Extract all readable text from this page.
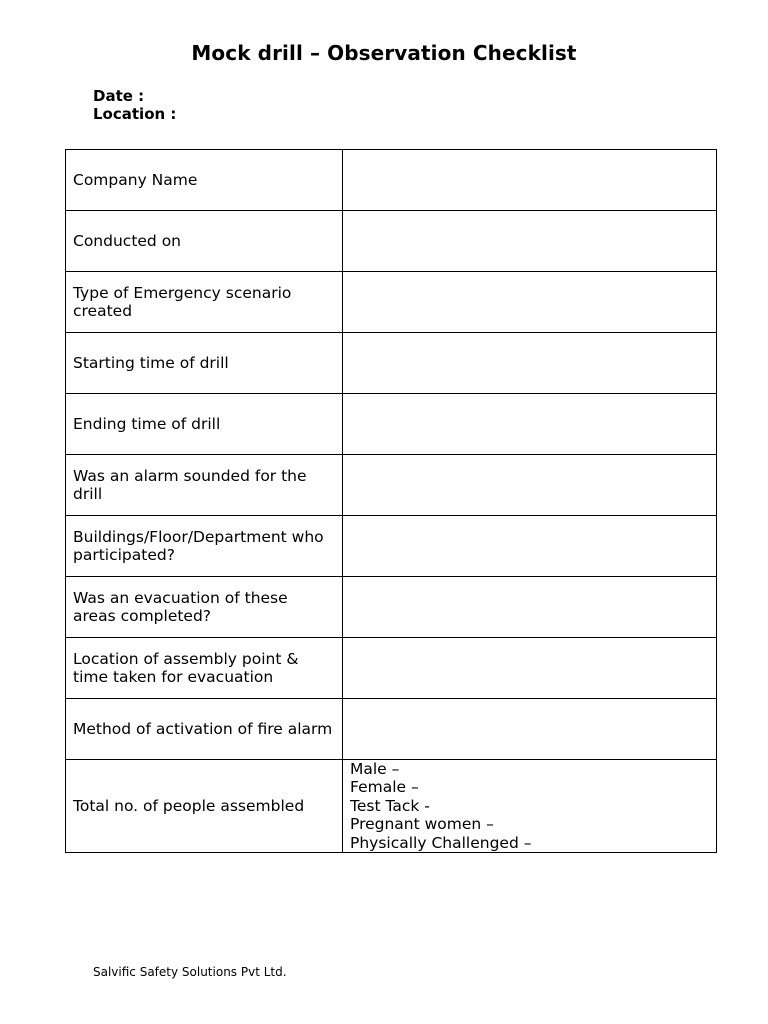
Mock drill – Observation Checklist
Date :
Location :
Company Name	
Conducted on	
Type of Emergency scenario created	
Starting time of drill	
Ending time of drill	
Was an alarm sounded for the drill	
Buildings/Floor/Department who participated?	
Was an evacuation of these areas completed?	
Location of assembly point & time taken for evacuation	
Method of activation of fire alarm	
Total no. of people assembled	Male –
Female –
Test Tack -
Pregnant women –
Physically Challenged –
Salvific Safety Solutions Pvt Ltd.
